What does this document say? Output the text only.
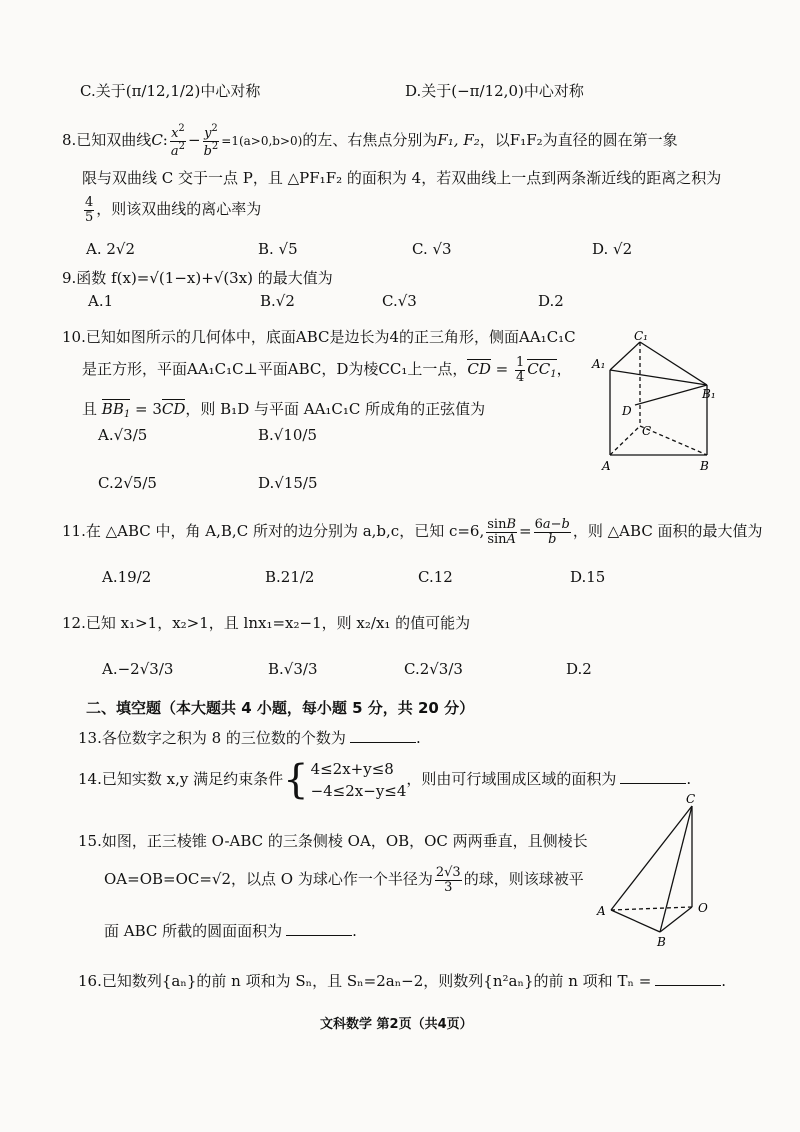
C.关于(π/12,1/2)中心对称	D.关于(−π/12,0)中心对称
8.已知双曲线C: $\frac{x^2}{a^2} - \frac{y^2}{b^2} =1(a>0,b>0)$的左、右焦点分别为F₁, F₂，以F₁F₂为直径的圆在第一象
限与双曲线 C 交于一点 P，且 △PF₁F₂ 的面积为 4，若双曲线上一点到两条渐近线的距离之积为
$\frac{4}{5}$ ，则该双曲线的离心率为
A. 2√2	B. √5	C. √3	D. √2
9.函数 f(x)=√(1−x)+√(3x) 的最大值为
A.1	B.√2	C.√3	D.2
10.已知如图所示的几何体中，底面ABC是边长为4的正三角形，侧面AA₁C₁C
是正方形，平面AA₁C₁C⊥平面ABC，D为棱CC₁上一点，CD = $\frac{1}{4} CC_1$，
且 $BB_1 = 3CD$，则 B₁D 与平面 AA₁C₁C 所成角的正弦值为
A.√3/5	B.√10/5
C.2√5/5	D.√15/5
A₁
C₁
B₁
D
C
A	B
11.在 △ABC 中，角 A,B,C 所对的边分别为 a,b,c，已知 c=6, $\frac{\sin B}{\sin A} = \frac{6a-b}{b}$ ，则 △ABC 面积的最大值为
A.19/2	B.21/2	C.12	D.15
12.已知 x₁>1，x₂>1，且 lnx₁=x₂−1，则 x₂/x₁ 的值可能为
A.−2√3/3	B.√3/3	C.2√3/3	D.2
二、填空题（本大题共 4 小题，每小题 5 分，共 20 分）
13.各位数字之积为 8 的三位数的个数为	.
14.已知实数 x,y 满足约束条件{ 4≤2x+y≤8
−4≤2x−y≤4，则由可行域围成区域的面积为	.
15.如图，正三棱锥 O-ABC 的三条侧棱 OA，OB，OC 两两垂直，且侧棱长
OA=OB=OC=√2，以点 O 为球心作一个半径为 $\frac{2√3}{3}$ 的球，则该球被平
面 ABC 所截的圆面面积为	.
C
A	O
B
16.已知数列{aₙ}的前 n 项和为 Sₙ，且 Sₙ=2aₙ−2，则数列{n²aₙ}的前 n 项和 Tₙ =	.
文科数学 第2页（共4页）
